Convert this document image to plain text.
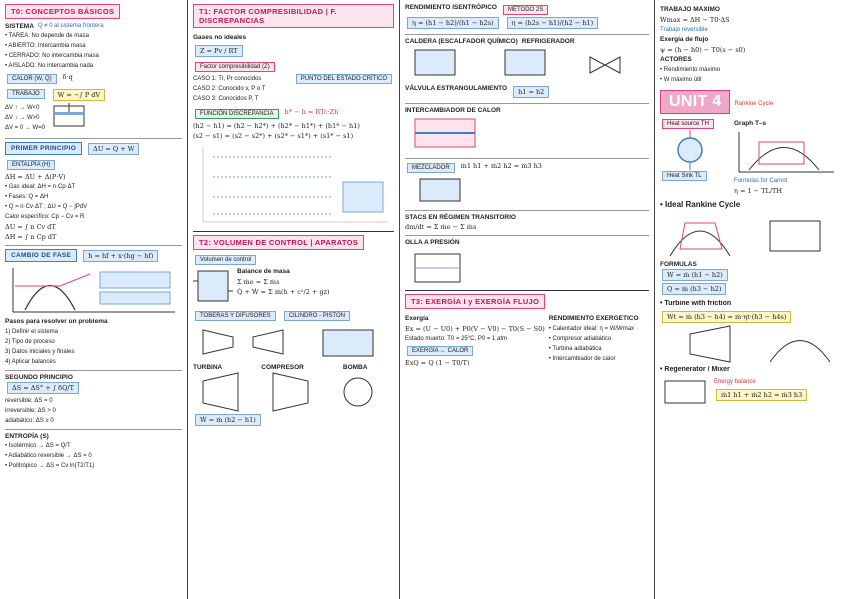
T0: CONCEPTOS BÁSICOS
SISTEMA Q ≠ 0 al sistema frontera
• TAREA: No depende de masa
• ABIERTO: Intercambia masa
• CERRADO: No intercambia masa
• AISLADO: No intercambia nada
CALOR (W, Q)	δ·q
TRABAJO	W = −∫ P dV
ΔV ↑ → W<0
ΔV ↓ → W>0
ΔV = 0 → W=0
PRIMER PRINCIPIO	ΔU = Q + W
ENTALPÍA (H)
ΔH = ΔU + Δ(P·V)
• Gas ideal: ΔH = n·Cp·ΔT
• Fases: Q = ΔH
• Q = n·Cv·ΔT ; ΔU = Q − ∫PdV
Calor específico: Cp − Cv = R
ΔU = ∫ n Cv dT
ΔH = ∫ n Cp dT
CAMBIO DE FASE	h = hf + x·(hg − hf)
Pasos para resolver un problema
1) Definir el sistema
2) Tipo de proceso
3) Datos iniciales y finales
4) Aplicar balances
SEGUNDO PRINCIPIO
ΔS = ΔS° + ∫ δQ/T
reversible: ΔS = 0
irreversible: ΔS > 0
adiabático: ΔS ≥ 0
ENTROPÍA (S)
• Isotérmico → ΔS = Q/T
• Adiabático reversible → ΔS = 0
• Politrópico → ΔS = Cv ln(T2/T1)
T1: FACTOR COMPRESIBILIDAD | F. DISCREPANCIAS
Gases no ideales
Z = Pv / RT
Factor compresibilidad (Z)
CASO 1: Tr, Pr conocidos
CASO 2: Conocido v, P o T
CASO 3: Conocidos P, T
PUNTO DEL ESTADO CRÍTICO
FUNCIÓN DISCREPANCIA	h* − h = RTc·Zh
(h2 − h1) = (h2 − h2*) + (h2* − h1*) + (h1* − h1)
(s2 − s1) = (s2 − s2*) + (s2* − s1*) + (s1* − s1)
T2: VOLUMEN DE CONTROL | APARATOS
Volumen de control
Balance de masa
Σ ṁe = Σ ṁs
Q̇ + Ẇ = Σ ṁ(h + c²/2 + gz)
TOBERAS Y DIFUSORES	CILINDRO - PISTÓN
TURBINA	COMPRESOR	BOMBA
Ẇ = ṁ (h2 − h1)
RENDIMIENTO ISENTRÓPICO	MÉTODO 2S
η = (h1 − h2)/(h1 − h2s)	η = (h2s − h1)/(h2 − h1)
CALDERA (ESCALFADOR QUÍMICO) REFRIGERADOR
VÁLVULA ESTRANGULAMIENTO	h1 = h2
INTERCAMBIADOR DE CALOR
MEZCLADOR	ṁ1 h1 + ṁ2 h2 = ṁ3 h3
STACS EN RÉGIMEN TRANSITORIO
dm/dt = Σ ṁe − Σ ṁs
OLLA A PRESIÓN
T3: EXERGÍA I y EXERGÍA FLUJO
Exergía
Ex = (U − U0) + P0(V − V0) − T0(S − S0)
Estado muerto: T0 = 25°C, P0 = 1 atm
EXERGÍA ← CALOR
ExQ = Q (1 − T0/T)
RENDIMIENTO EXERGÉTICO
• Calentador ideal: η = W/Wmax
• Compresor adiabático
• Turbina adiabática
• Intercambiador de calor
TRABAJO MÁXIMO
Wmax = ΔH − T0·ΔS
Trabajo reversible
Exergía de flujo
ψ = (h − h0) − T0(s − s0)
ACTORES
• Rendimiento máximo
• W máximo útil
UNIT 4	Rankine Cycle
Heat source TH
Heat Sink TL
Graph T–s
Formulas for Carnot
η = 1 − TL/TH
• Ideal Rankine Cycle
FORMULAS
W = ṁ (h1 − h2)
Q = ṁ (h3 − h2)
• Turbine with friction
Wt = ṁ (h3 − h4) = ṁ·ηt·(h3 − h4s)
• Regenerator / Mixer
Energy balance
ṁ1 h1 + ṁ2 h2 = ṁ3 h3
